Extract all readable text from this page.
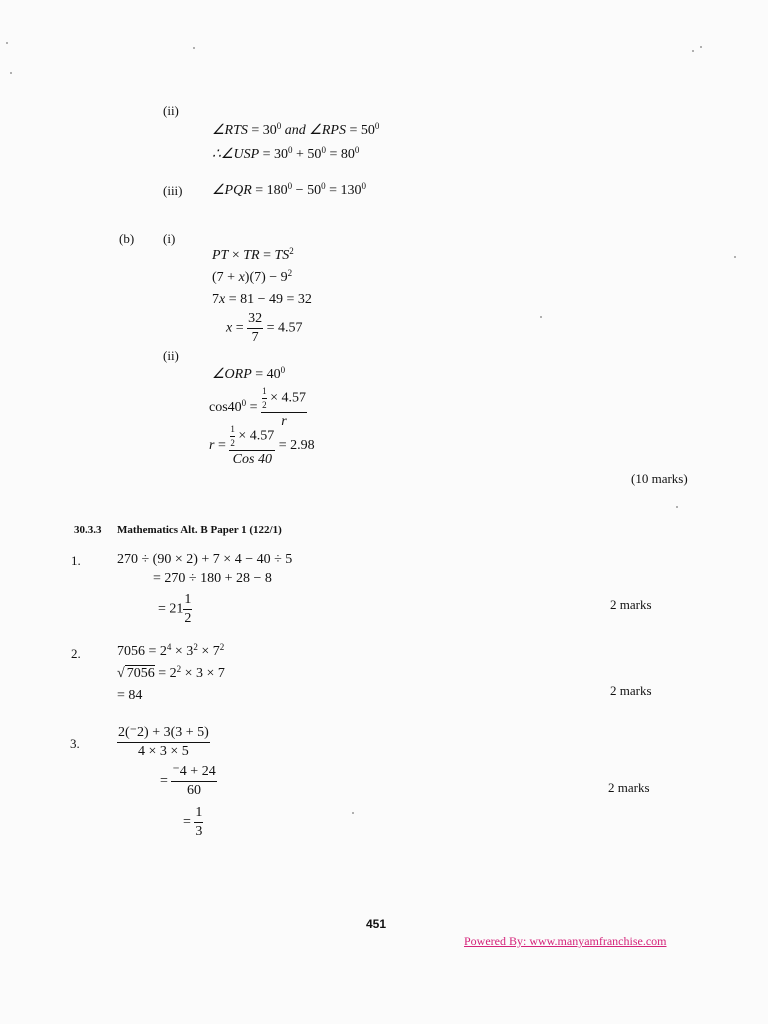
(ii)
∠RTS = $30^0$ and ∠RPS = $50^0$
∴∠USP = $30^0 + 50^0 = 80^0$
(iii) ∠PQR = $180^0 - 50^0 = 130^0$
(b) (i)
PT × TR = $TS^2$
$(7 + x)(7) - 9^2$
7x = 81 − 49 = 32
$x = \frac{32}{7} = 4.57$
(ii)
∠ORP = $40^0$
$\cos 40^0 = \frac{\frac{1}{2} \times 4.57}{r}$
$r = \frac{\frac{1}{2} \times 4.57}{\text{Cos 40}} = 2.98$
(10 marks)
30.3.3 Mathematics Alt. B Paper 1 (122/1)
1.	270 ÷ (90 × 2) + 7 × 4 − 40 ÷ 5
= 270 ÷ 180 + 28 − 8
= $21 \frac{1}{2}$	2 marks
2.	$7056 = 2^4 \times 3^2 \times 7^2$
√ $7056 = 2^2 \times 3 \times 7$
= 84	2 marks
3.	$\frac{2(^-2) + 3(3 + 5)}{4 \times 3 \times 5}$
= $\frac{^-4 + 24}{60}$	2 marks
= $\frac{1}{3}$
451
Powered By: www.manyamfranchise.com
